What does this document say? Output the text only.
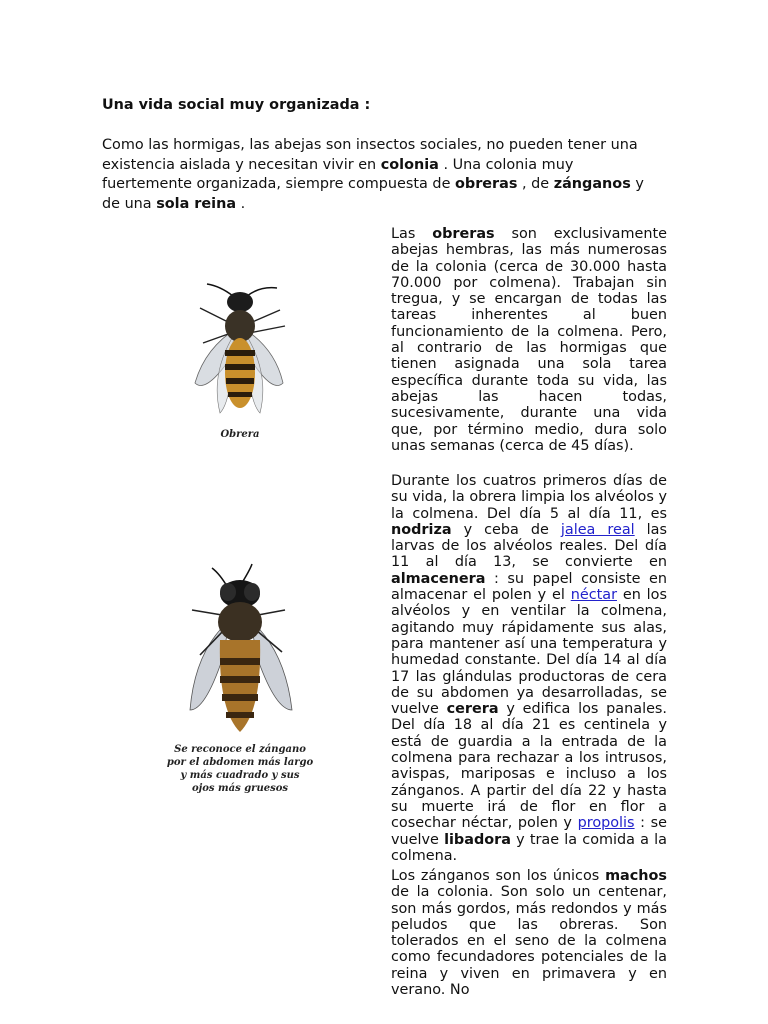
Una vida social muy organizada :

Como las hormigas, las abejas son insectos sociales, no pueden tener una existencia aislada y necesitan vivir en colonia . Una colonia muy fuertemente organizada, siempre compuesta de obreras , de zánganos y de una sola reina .

Las obreras son exclusivamente abejas hembras, las más numerosas de la colonia (cerca de 30.000 hasta 70.000 por colmena). Trabajan sin tregua, y se encargan de todas las tareas inherentes al buen funcionamiento de la colmena. Pero, al contrario de las hormigas que tienen asignada una sola tarea específica durante toda su vida, las abejas las hacen todas, sucesivamente, durante una vida que, por término medio, dura solo unas semanas (cerca de 45 días).

Durante los cuatros primeros días de su vida, la obrera limpia los alvéolos y la colmena. Del día 5 al día 11, es nodriza y ceba de jalea real las larvas de los alvéolos reales. Del día 11 al día 13, se convierte en almacenera : su papel consiste en almacenar el polen y el néctar en los alvéolos y en ventilar la colmena, agitando muy rápidamente sus alas, para mantener así una temperatura y humedad constante. Del día 14 al día 17 las glándulas productoras de cera de su abdomen ya desarrolladas, se vuelve cerera y edifica los panales. Del día 18 al día 21 es centinela y está de guardia a la entrada de la colmena para rechazar a los intrusos, avispas, mariposas e incluso a los zánganos. A partir del día 22 y hasta su muerte irá de flor en flor a cosechar néctar, polen y propolis : se vuelve libadora y trae la comida a la colmena.

Los zánganos son los únicos machos de la colonia. Son solo un centenar, son más gordos, más redondos y más peludos que las obreras. Son tolerados en el seno de la colmena como fecundadores potenciales de la reina y viven en primavera y en verano. No

Obrera
Se reconoce el zángano
por el abdomen más largo
y más cuadrado y sus
ojos más gruesos
